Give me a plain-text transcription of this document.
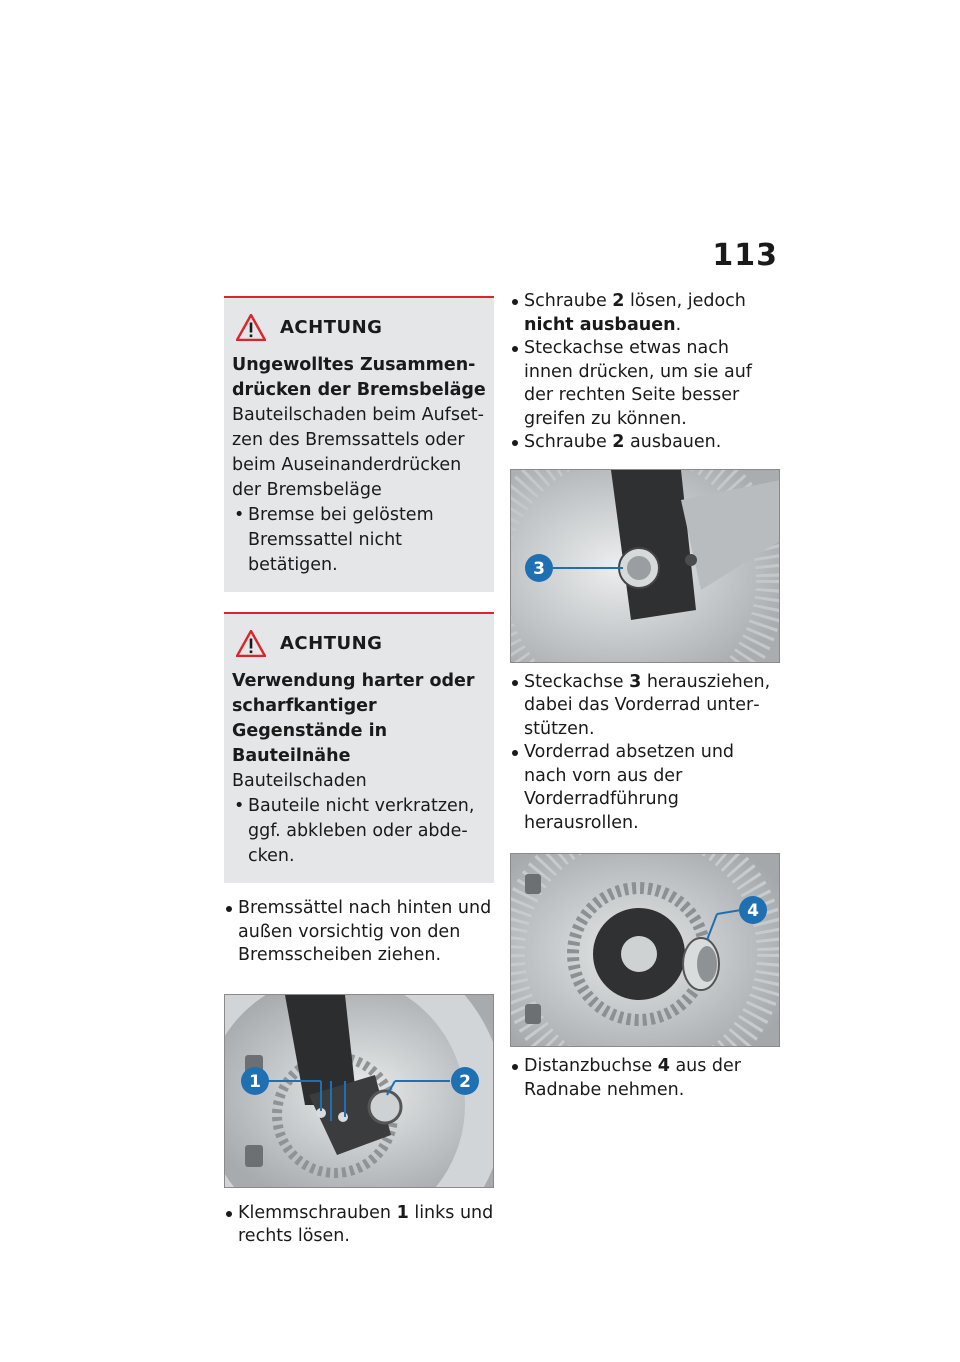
113
ACHTUNG
Ungewolltes Zusammendrücken der Bremsbeläge
Bauteilschaden beim Aufsetzen des Bremssattels oder beim Auseinanderdrücken der Bremsbeläge
• Bremse bei gelöstem Bremssattel nicht betätigen.
ACHTUNG
Verwendung harter oder scharfkantiger Gegenstände in Bauteilnähe
Bauteilschaden
• Bauteile nicht verkratzen, ggf. abkleben oder abdecken.
Bremssättel nach hinten und außen vorsichtig von den Bremsscheiben ziehen.
1	2
Klemmschrauben 1 links und rechts lösen.
Schraube 2 lösen, jedoch nicht ausbauen.
Steckachse etwas nach innen drücken, um sie auf der rechten Seite besser greifen zu können.
Schraube 2 ausbauen.
3
Steckachse 3 herausziehen, dabei das Vorderrad unterstützen.
Vorderrad absetzen und nach vorn aus der Vorderradführung herausrollen.
4
Distanzbuchse 4 aus der Radnabe nehmen.
